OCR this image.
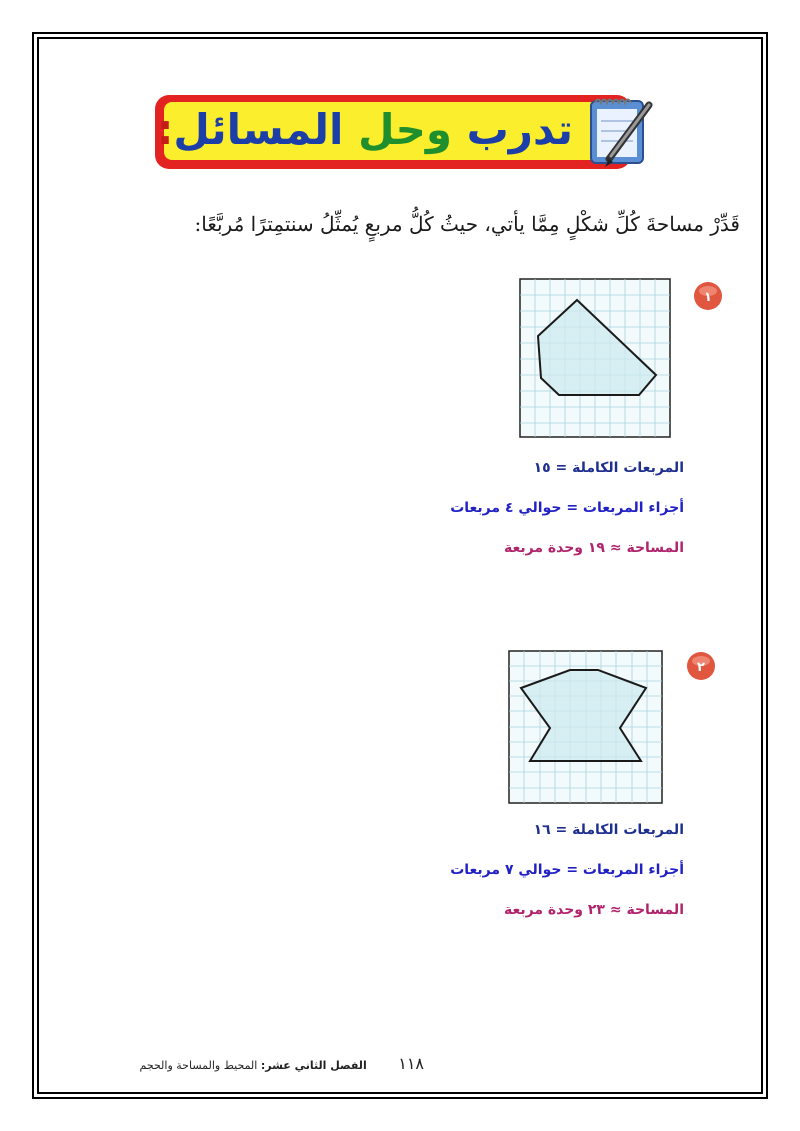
تدرب وحل المسائل:
قَدِّرْ مساحةَ كُلِّ شكْلٍ مِمَّا يأتي، حيثُ كُلُّ مربعٍ يُمثِّلُ سنتمِترًا مُربَّعًا:
١
المربعات الكاملة = ١٥
أجزاء المربعات = حوالي ٤ مربعات
المساحة ≈ ١٩ وحدة مربعة
٢
المربعات الكاملة = ١٦
أجزاء المربعات = حوالي ٧ مربعات
المساحة ≈ ٢٣ وحدة مربعة
١١٨ الفصل الثاني عشر: المحيط والمساحة والحجم
